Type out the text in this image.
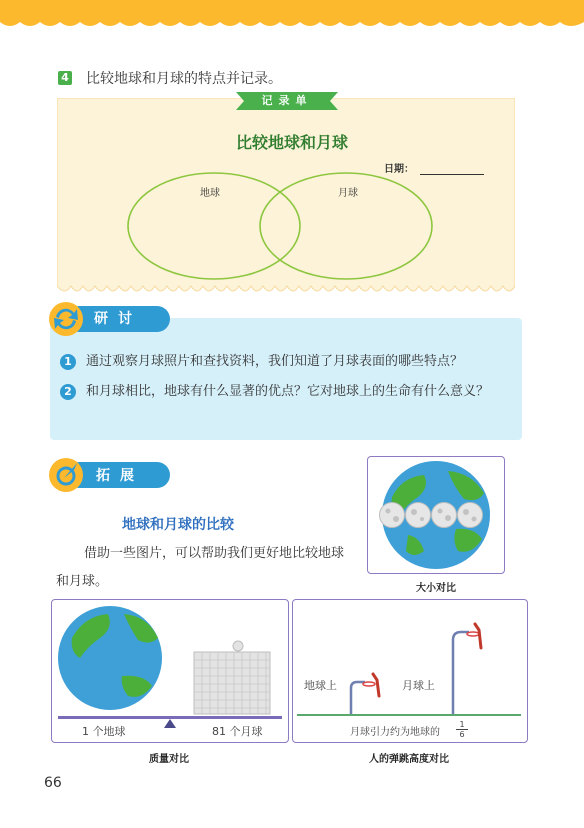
4 比较地球和月球的特点并记录。
记录单
比较地球和月球
日期：
地球	月球
研讨
1	通过观察月球照片和查找资料，我们知道了月球表面的哪些特点？
2	和月球相比，地球有什么显著的优点？它对地球上的生命有什么意义？
拓展
地球和月球的比较
借助一些图片，可以帮助我们更好地比较地球和月球。	大小对比
1 个地球	81 个月球
质量对比
地球上	月球上
月球引力约为地球的
1
6
人的弹跳高度对比
66
